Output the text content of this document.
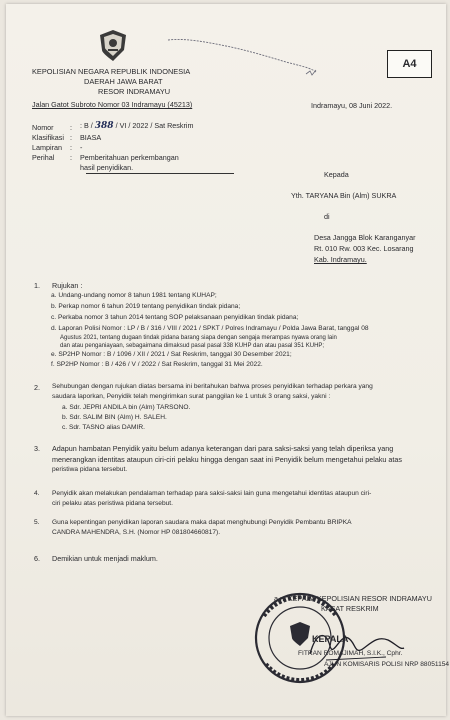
KEPOLISIAN NEGARA REPUBLIK INDONESIA
DAERAH JAWA BARAT
RESOR INDRAMAYU
Jalan Gatot Subroto Nomor 03 Indramayu (45213)
A4
Indramayu, 08 Juni 2022.
Nomor : : B / 388 / VI / 2022 / Sat Reskrim
Klasifikasi : BIASA
Lampiran : -
Perihal : Pemberitahuan perkembangan
hasil penyidikan.
Kepada
Yth. TARYANA Bin (Alm) SUKRA
di
Desa Jangga Blok Karanganyar
Rt. 010 Rw. 003 Kec. Losarang
Kab. Indramayu.
1. Rujukan :
a. Undang-undang nomor 8 tahun 1981 tentang KUHAP;
b. Perkap nomor 6 tahun 2019 tentang penyidikan tindak pidana;
c. Perkaba nomor 3 tahun 2014 tentang SOP pelaksanaan penyidikan tindak pidana;
d. Laporan Polisi Nomor : LP / B / 316 / VIII / 2021 / SPKT / Polres Indramayu / Polda Jawa Barat, tanggal 08
Agustus 2021, tentang dugaan tindak pidana barang siapa dengan sengaja merampas nyawa orang lain
dan atau penganiayaan, sebagaimana dimaksud pasal pasal 338 KUHP dan atau pasal 351 KUHP;
e. SP2HP Nomor : B / 1096 / XII / 2021 / Sat Reskrim, tanggal 30 Desember 2021;
f. SP2HP Nomor : B / 426 / V / 2022 / Sat Reskrim, tanggal 31 Mei 2022.
2. Sehubungan dengan rujukan diatas bersama ini beritahukan bahwa proses penyidikan terhadap perkara yang
saudara laporkan, Penyidik telah mengirimkan surat panggilan ke 1 untuk 3 orang saksi, yakni :
a. Sdr. JEPRI ANDILA bin (Alm) TARSONO.
b. Sdr. SALIM BIN (Alm) H. SALEH.
c. Sdr. TASNO alias DAMIR.
3. Adapun hambatan Penyidik yaitu belum adanya keterangan dari para saksi-saksi yang telah diperiksa yang
menerangkan identitas ataupun ciri-ciri pelaku hingga dengan saat ini Penyidik belum mengetahui pelaku atas
peristiwa pidana tersebut.
4. Penyidik akan melakukan pendalaman terhadap para saksi-saksi lain guna mengetahui identitas ataupun ciri-
ciri pelaku atas peristiwa pidana tersebut.
5. Guna kepentingan penyidikan laporan saudara maka dapat menghubungi Penyidik Pembantu BRIPKA
CANDRA MAHENDRA, S.H. (Nomor HP 081804660817).
6. Demikian untuk menjadi maklum.
a.n. KEPALA KEPOLISIAN RESOR INDRAMAYU
KASAT RESKRIM
KEPALA
FITRAN ROMAJIMAH, S.I.K., Cphr.
AJUN KOMISARIS POLISI NRP 88051154
